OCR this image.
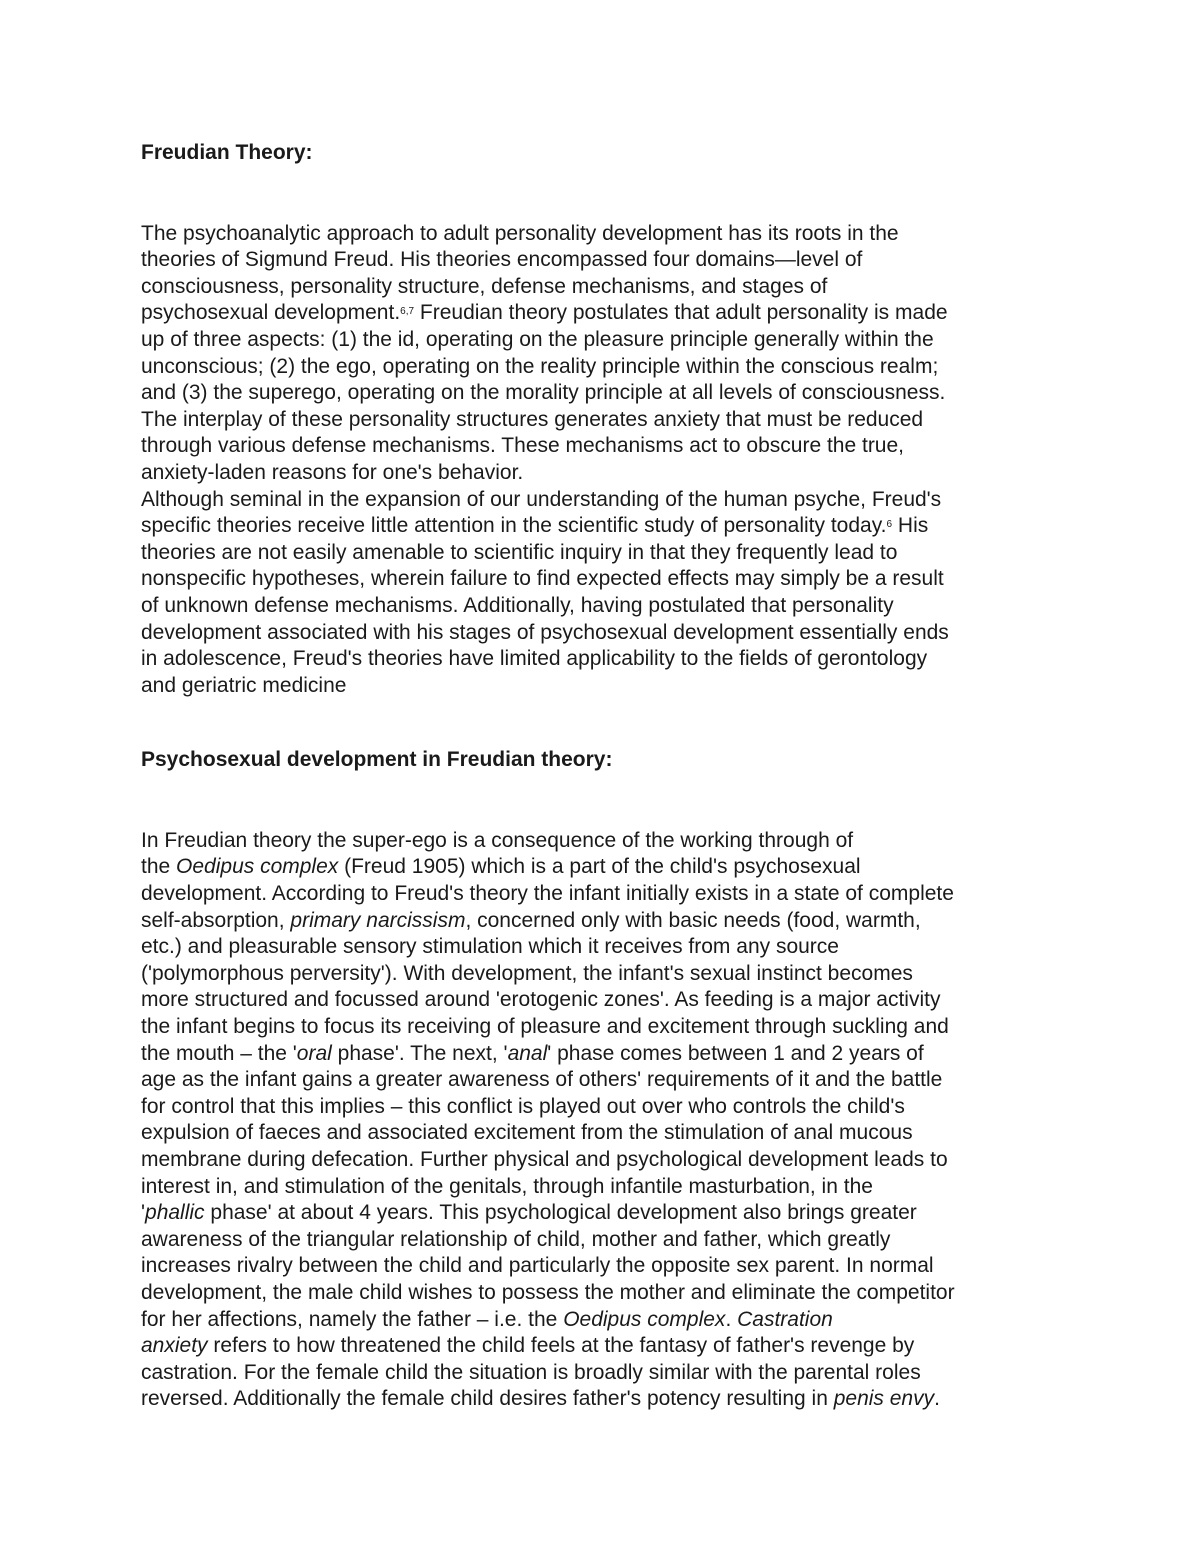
Freudian Theory:

The psychoanalytic approach to adult personality development has its roots in the
theories of Sigmund Freud. His theories encompassed four domains—level of
consciousness, personality structure, defense mechanisms, and stages of
psychosexual development.$^{6,7}$ Freudian theory postulates that adult personality is made
up of three aspects: (1) the id, operating on the pleasure principle generally within the
unconscious; (2) the ego, operating on the reality principle within the conscious realm;
and (3) the superego, operating on the morality principle at all levels of consciousness.
The interplay of these personality structures generates anxiety that must be reduced
through various defense mechanisms. These mechanisms act to obscure the true,
anxiety-laden reasons for one's behavior.

Although seminal in the expansion of our understanding of the human psyche, Freud's
specific theories receive little attention in the scientific study of personality today.$^6$ His
theories are not easily amenable to scientific inquiry in that they frequently lead to
nonspecific hypotheses, wherein failure to find expected effects may simply be a result
of unknown defense mechanisms. Additionally, having postulated that personality
development associated with his stages of psychosexual development essentially ends
in adolescence, Freud's theories have limited applicability to the fields of gerontology
and geriatric medicine

Psychosexual development in Freudian theory:

In Freudian theory the super-ego is a consequence of the working through of
the Oedipus complex (Freud 1905) which is a part of the child's psychosexual
development. According to Freud's theory the infant initially exists in a state of complete
self-absorption, primary narcissism, concerned only with basic needs (food, warmth,
etc.) and pleasurable sensory stimulation which it receives from any source
('polymorphous perversity'). With development, the infant's sexual instinct becomes
more structured and focussed around 'erotogenic zones'. As feeding is a major activity
the infant begins to focus its receiving of pleasure and excitement through suckling and
the mouth – the 'oral phase'. The next, 'anal' phase comes between 1 and 2 years of
age as the infant gains a greater awareness of others' requirements of it and the battle
for control that this implies – this conflict is played out over who controls the child's
expulsion of faeces and associated excitement from the stimulation of anal mucous
membrane during defecation. Further physical and psychological development leads to
interest in, and stimulation of the genitals, through infantile masturbation, in the
'phallic phase' at about 4 years. This psychological development also brings greater
awareness of the triangular relationship of child, mother and father, which greatly
increases rivalry between the child and particularly the opposite sex parent. In normal
development, the male child wishes to possess the mother and eliminate the competitor
for her affections, namely the father – i.e. the Oedipus complex. Castration
anxiety refers to how threatened the child feels at the fantasy of father's revenge by
castration. For the female child the situation is broadly similar with the parental roles
reversed. Additionally the female child desires father's potency resulting in penis envy.
